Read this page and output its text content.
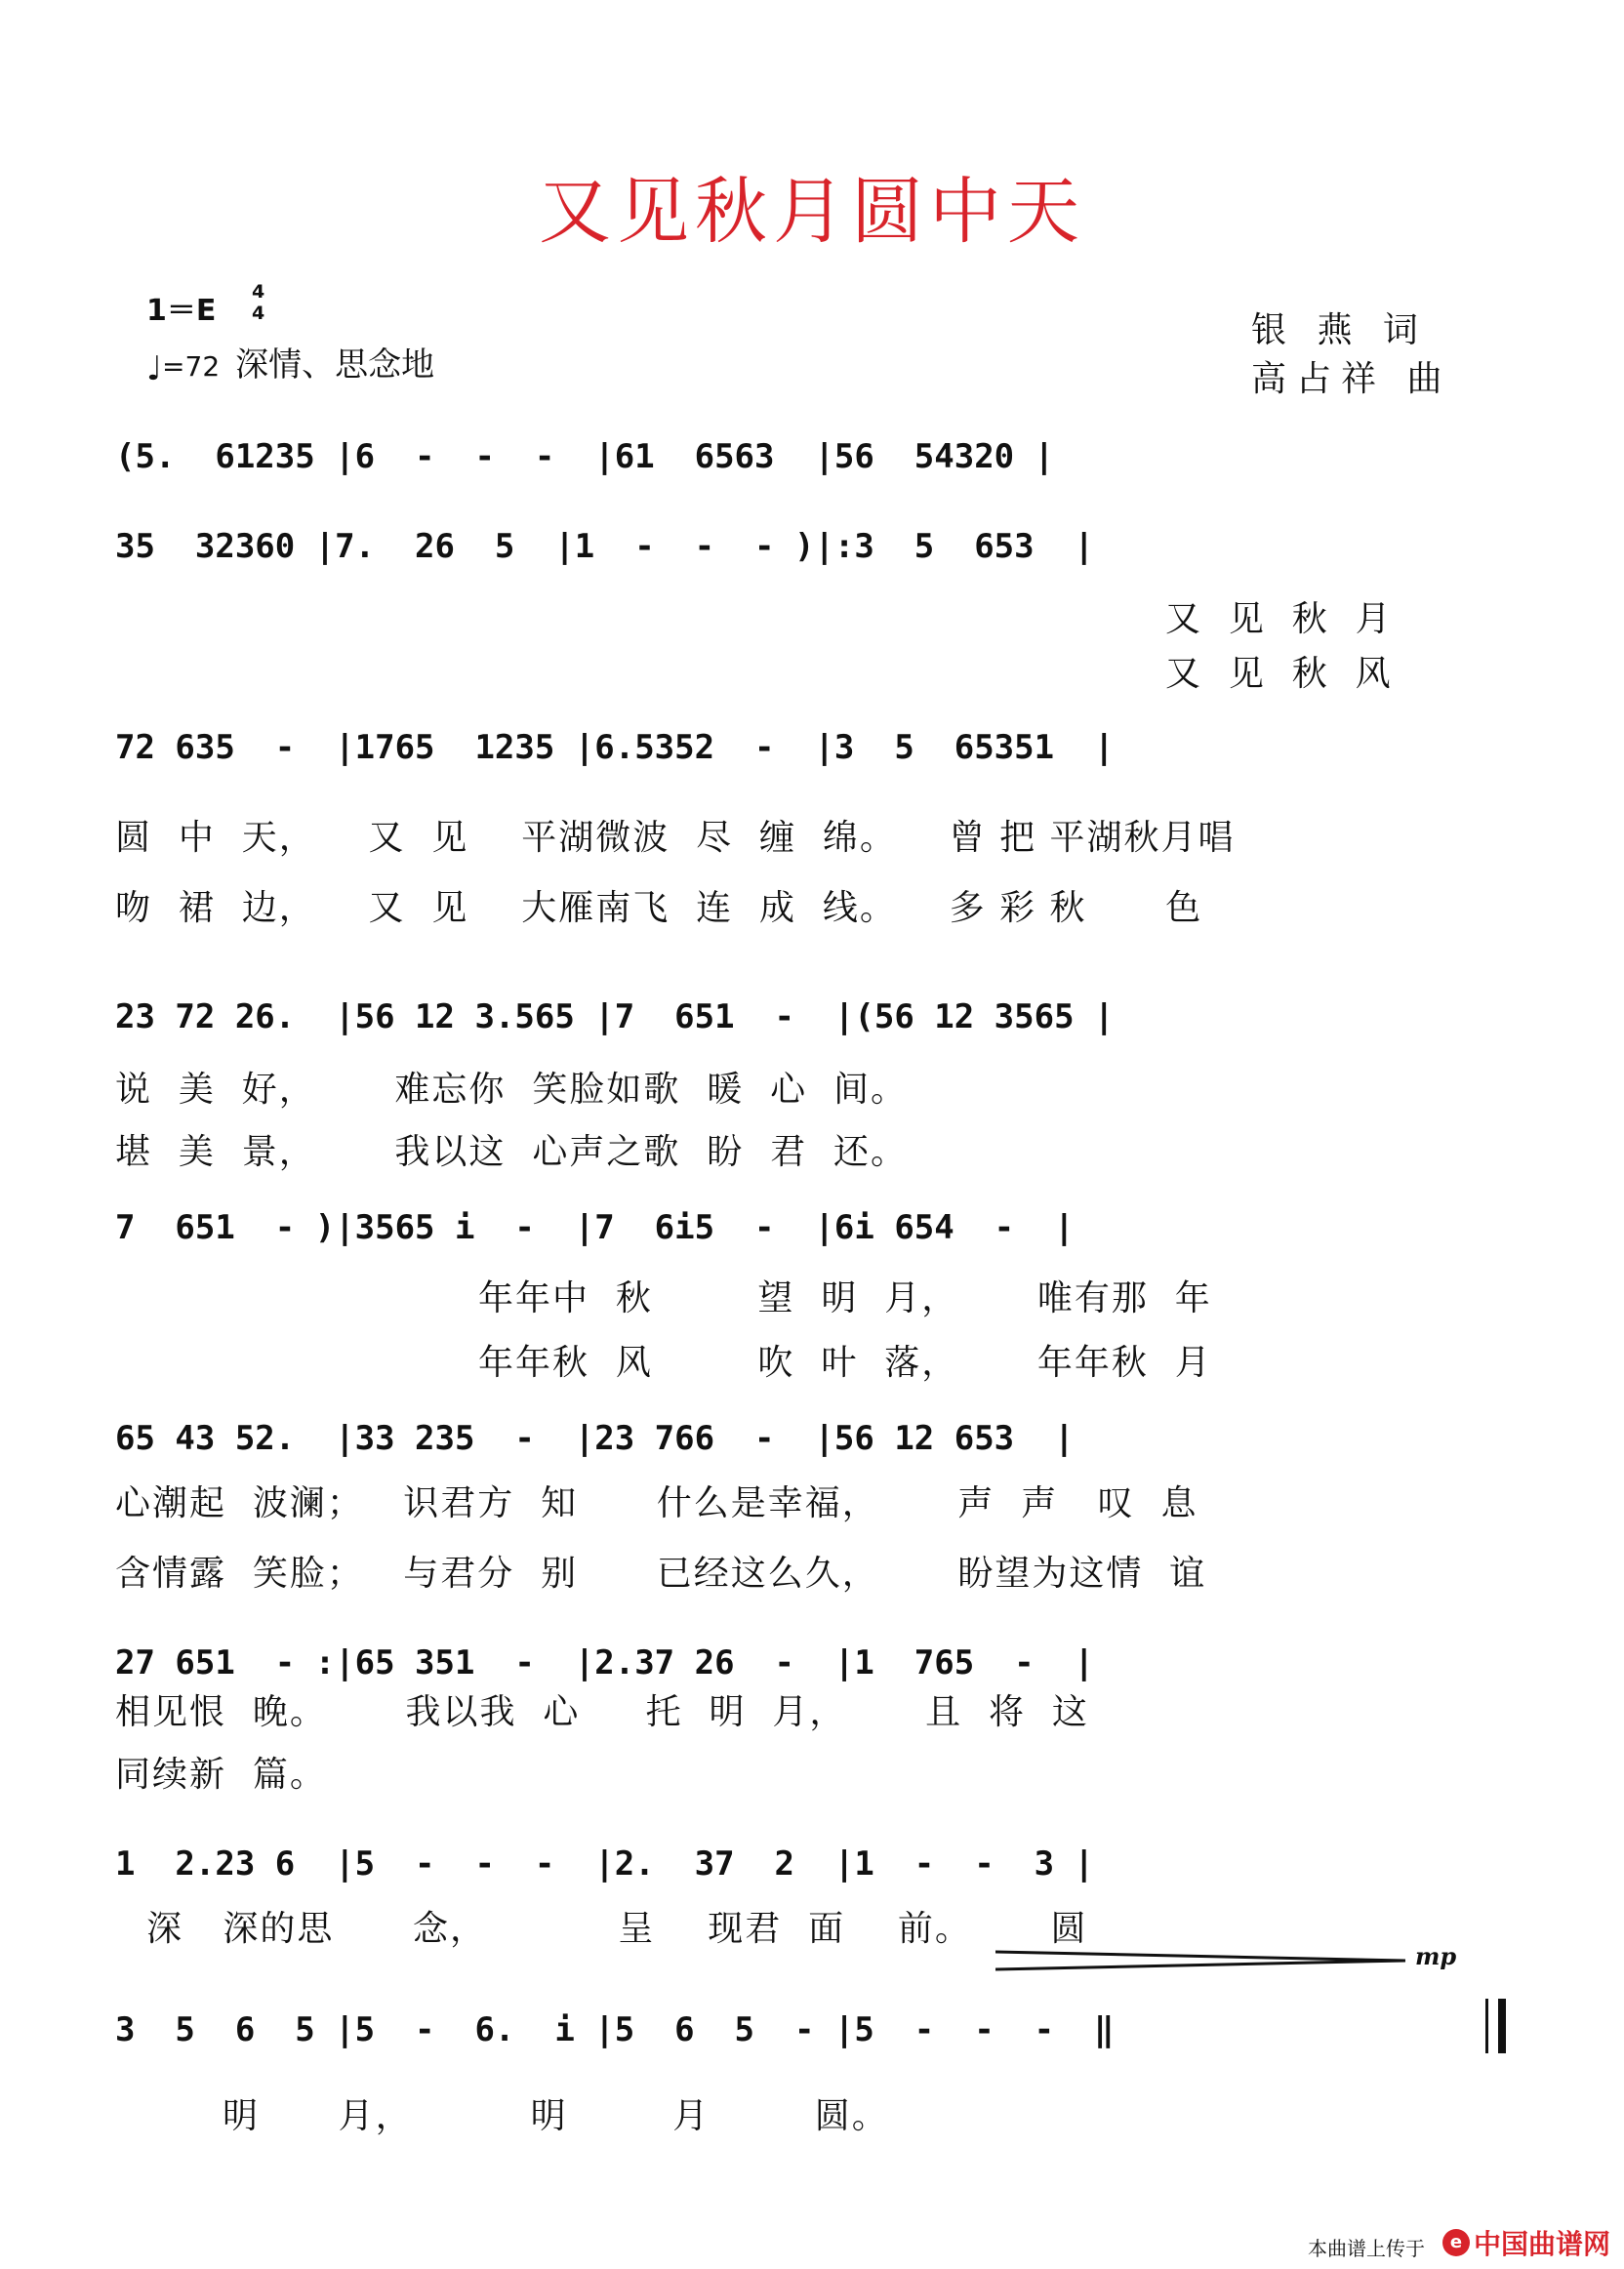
又见秋月圆中天
1＝E
4
4
♩=72 深情、思念地
银 燕 词
高占祥 曲
(5.  61235 |6  -  -  -  |61  6563  |56  54320 |
35  32360 |7.  26  5  |1  -  -  - )|:3  5  653  |
72 635  -  |1765  1235 |6.5352  -  |3  5  65351  |
23 72 26.  |56 12 3.565 |7  651  -  |(56 12 3565 |
7  651  - )|3565 i  -  |7  6i5  -  |6i 654  -  |
65 43 52.  |33 235  -  |23 766  -  |56 12 653  |
27 651  - :|65 351  -  |2.37 26  -  |1  765  -  |
1  2.23 6  |5  -  -  -  |2.  37  2  |1  -  -  3 |
3  5  6  5 |5  -  6.  i |5  6  5  - |5  -  -  -  ‖
又  见  秋  月
又  见  秋  风
圆  中  天，    又  见    平湖微波  尽  缠  绵。    曾 把 平湖秋月唱
吻  裙  边，    又  见    大雁南飞  连  成  线。    多 彩 秋      色
说  美  好，      难忘你  笑脸如歌  暖  心  间。
堪  美  景，      我以这  心声之歌  盼  君  还。
年年中  秋        望  明  月，      唯有那  年
年年秋  风        吹  叶  落，      年年秋  月
心潮起  波澜；   识君方  知      什么是幸福，      声  声   叹  息
含情露  笑脸；   与君分  别      已经这么久，      盼望为这情  谊
相见恨  晚。      我以我  心     托  明  月，      且  将  这
同续新  篇。
深   深的思      念，          呈    现君  面    前。      圆
明      月，         明        月        圆。
mp
本曲谱上传于	e 中国曲谱网
